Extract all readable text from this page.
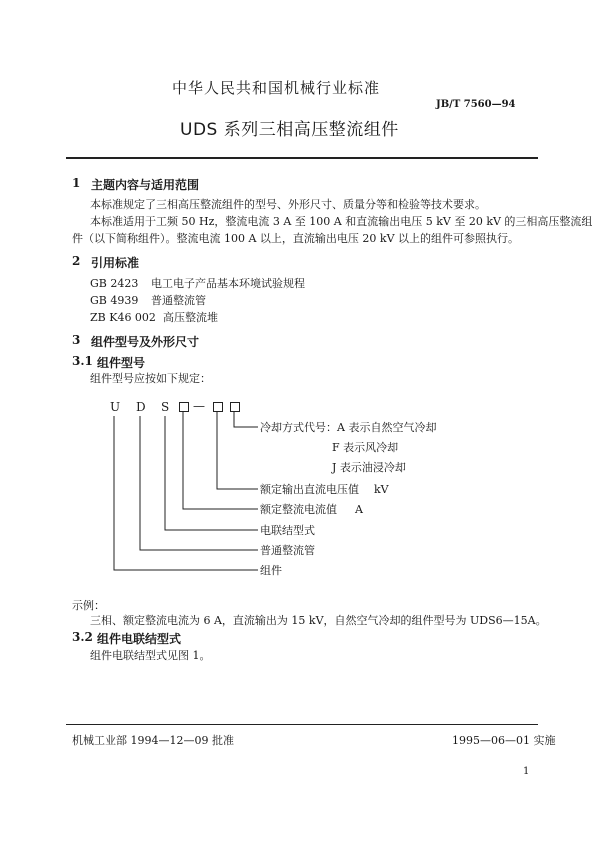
中华人民共和国机械行业标准
JB/T 7560—94
UDS 系列三相高压整流组件
1 主题内容与适用范围
本标准规定了三相高压整流组件的型号、外形尺寸、质量分等和检验等技术要求。
本标准适用于工频 50 Hz，整流电流 3 A 至 100 A 和直流输出电压 5 kV 至 20 kV 的三相高压整流组
件（以下简称组件）。整流电流 100 A 以上，直流输出电压 20 kV 以上的组件可参照执行。
2 引用标准
GB 2423 电工电子产品基本环境试验规程
GB 4939 普通整流管
ZB K46 002 高压整流堆
3 组件型号及外形尺寸
3.1 组件型号
组件型号应按如下规定：
U D S —
冷却方式代号：A 表示自然空气冷却
F 表示风冷却
J 表示油浸冷却
额定输出直流电压值 kV
额定整流电流值 A
电联结型式
普通整流管
组件
示例：
三相、额定整流电流为 6 A，直流输出为 15 kV，自然空气冷却的组件型号为 UDS6—15A。
3.2 组件电联结型式
组件电联结型式见图 1。
机械工业部 1994—12—09 批准	1995—06—01 实施
1
